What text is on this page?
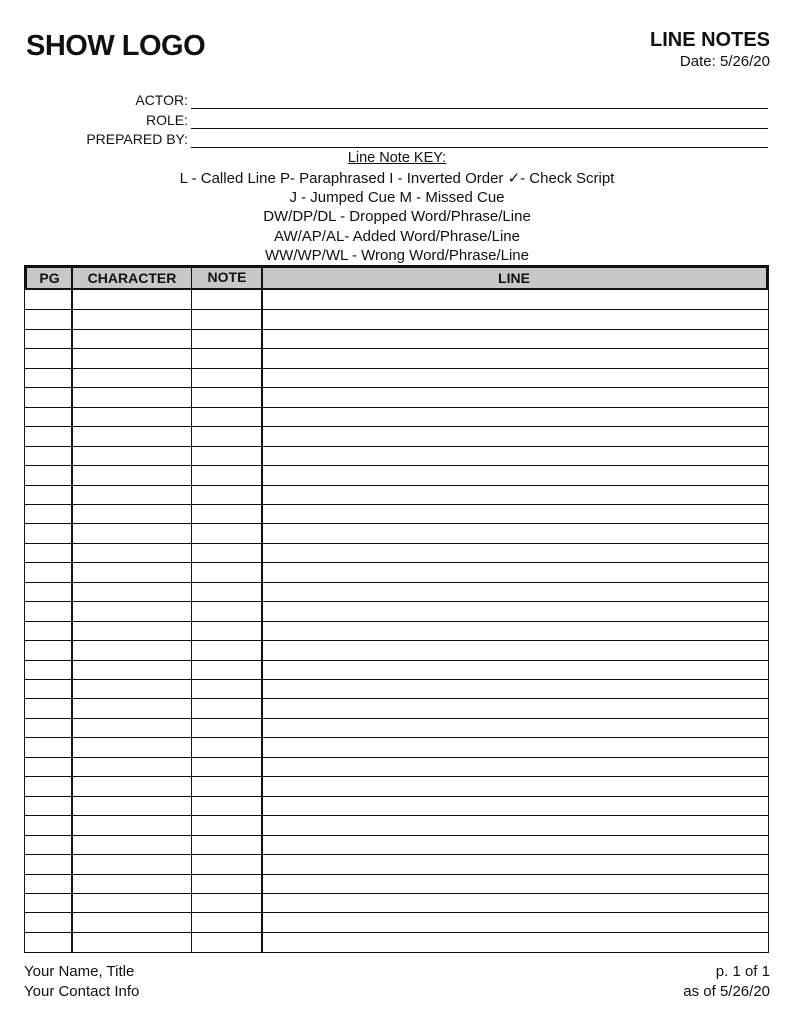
SHOW LOGO	LINE NOTES
Date: 5/26/20
ACTOR:
ROLE:
PREPARED BY:
Line Note KEY:
L - Called Line P- Paraphrased I - Inverted Order ✓- Check Script
J - Jumped Cue M - Missed Cue
DW/DP/DL - Dropped Word/Phrase/Line
AW/AP/AL- Added Word/Phrase/Line
WW/WP/WL - Wrong Word/Phrase/Line
PG	CHARACTER	NOTE	LINE
Your Name, Title
Your Contact Info
p. 1 of 1
as of 5/26/20
